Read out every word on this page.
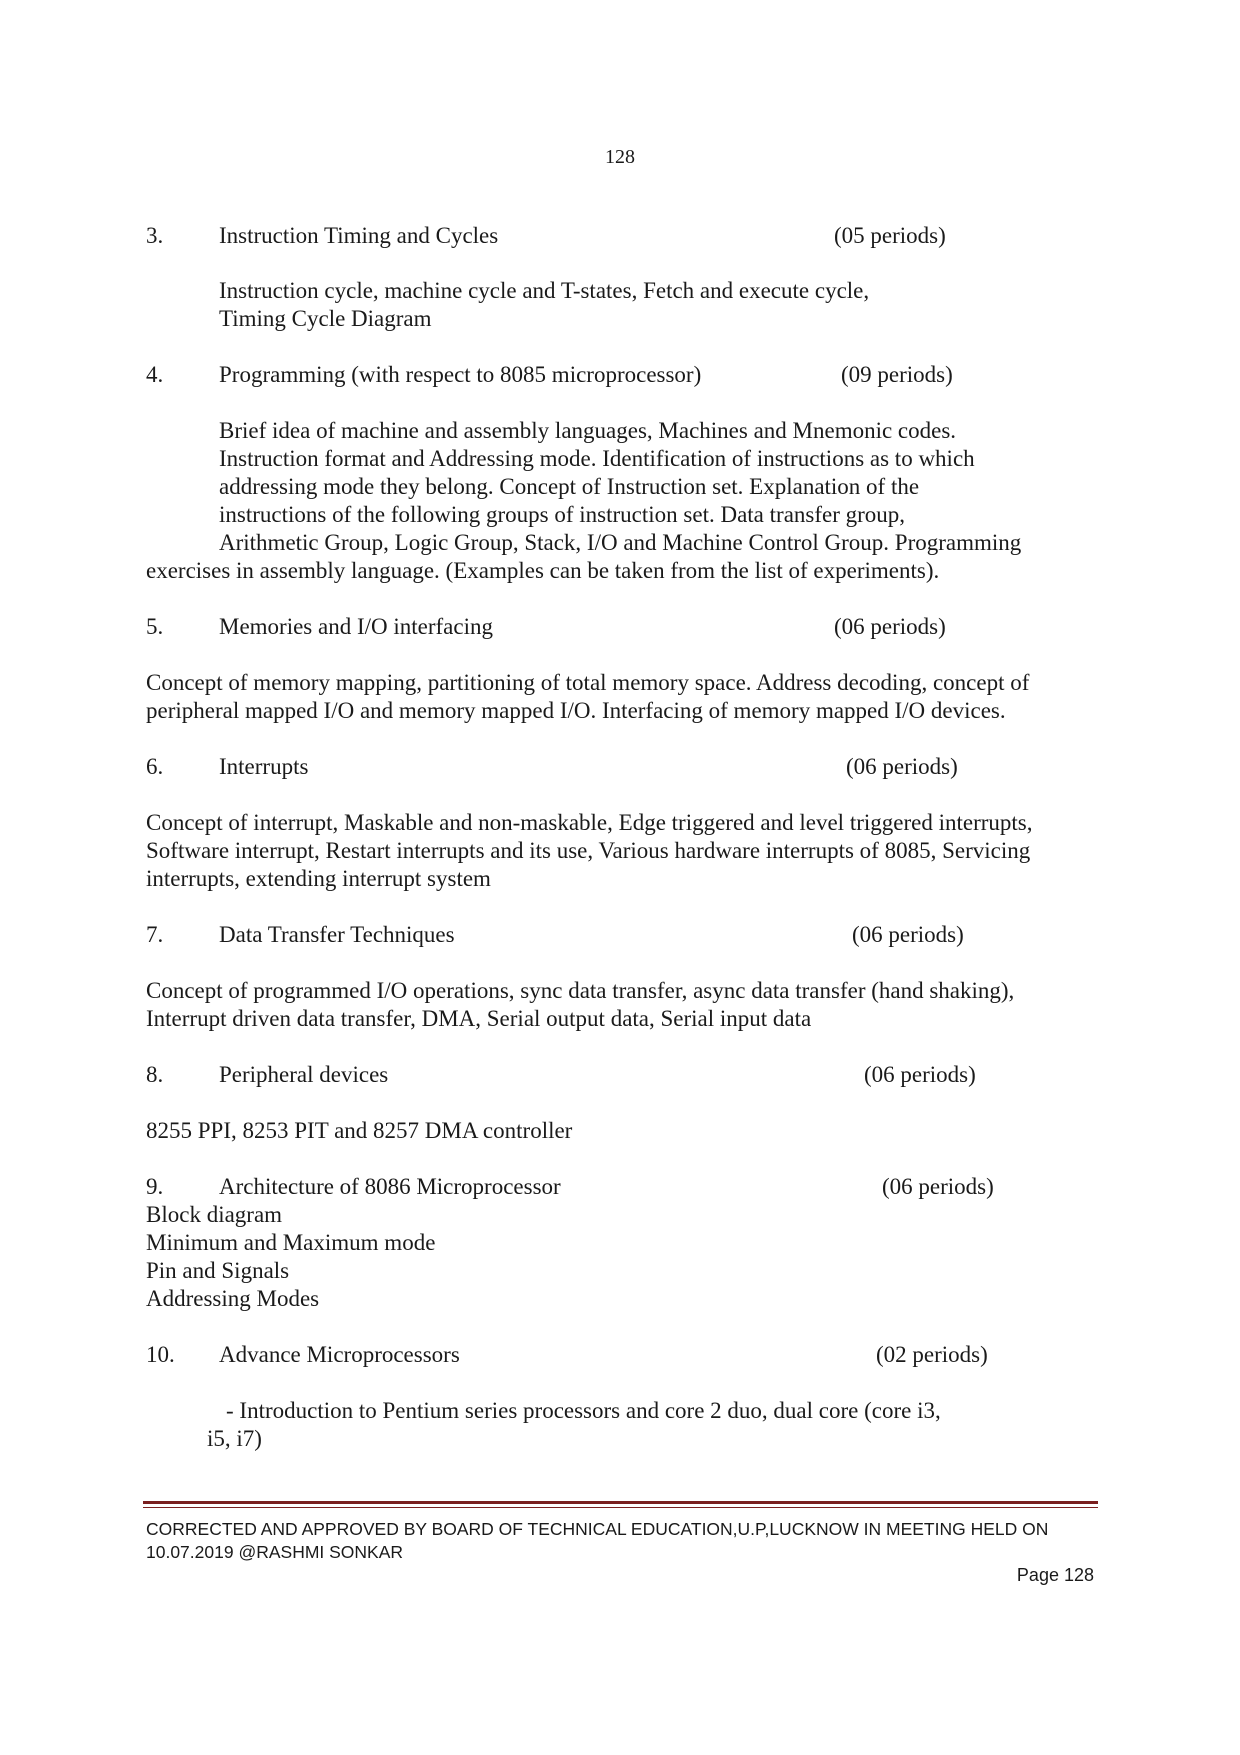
128
3. Instruction Timing and Cycles	(05 periods)
Instruction cycle, machine cycle and T-states, Fetch and execute cycle,
Timing Cycle Diagram
4. Programming (with respect to 8085 microprocessor)	(09 periods)
Brief idea of machine and assembly languages, Machines and Mnemonic codes.
Instruction format and Addressing mode. Identification of instructions as to which
addressing mode they belong. Concept of Instruction set. Explanation of the
instructions of the following groups of instruction set. Data transfer group,
Arithmetic Group, Logic Group, Stack, I/O and Machine Control Group. Programming
exercises in assembly language. (Examples can be taken from the list of experiments).
5. Memories and I/O interfacing	(06 periods)
Concept of memory mapping, partitioning of total memory space. Address decoding, concept of
peripheral mapped I/O and memory mapped I/O. Interfacing of memory mapped I/O devices.
6. Interrupts	(06 periods)
Concept of interrupt, Maskable and non-maskable, Edge triggered and level triggered interrupts,
Software interrupt, Restart interrupts and its use, Various hardware interrupts of 8085, Servicing
interrupts, extending interrupt system
7. Data Transfer Techniques	(06 periods)
Concept of programmed I/O operations, sync data transfer, async data transfer (hand shaking),
Interrupt driven data transfer, DMA, Serial output data, Serial input data
8. Peripheral devices	(06 periods)
8255 PPI, 8253 PIT and 8257 DMA controller
9. Architecture of 8086 Microprocessor	(06 periods)
Block diagram
Minimum and Maximum mode
Pin and Signals
Addressing Modes
10. Advance Microprocessors	(02 periods)
- Introduction to Pentium series processors and core 2 duo, dual core (core i3,
i5, i7)
CORRECTED AND APPROVED BY BOARD OF TECHNICAL EDUCATION,U.P,LUCKNOW IN MEETING HELD ON
10.07.2019 @RASHMI SONKAR
Page 128
